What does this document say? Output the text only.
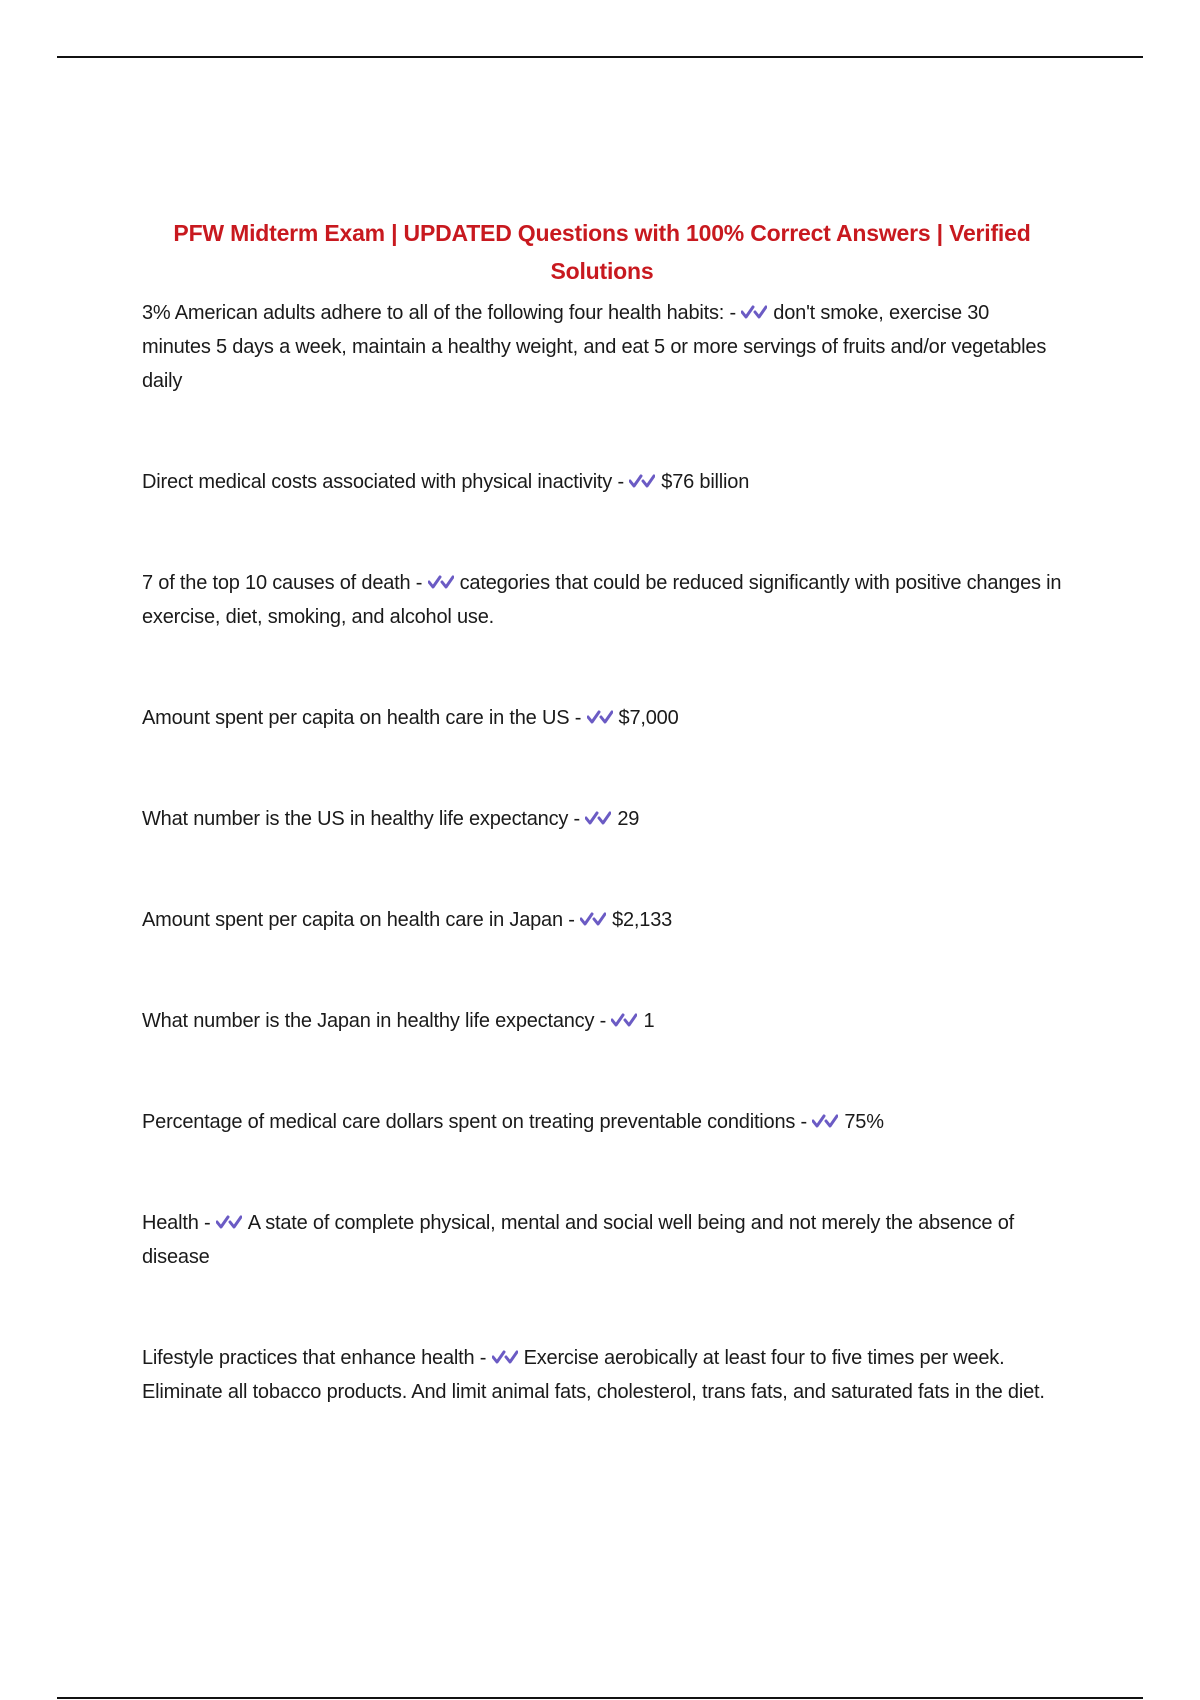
PFW Midterm Exam | UPDATED Questions with 100% Correct Answers | Verified Solutions

3% American adults adhere to all of the following four health habits: - don't smoke, exercise 30 minutes 5 days a week, maintain a healthy weight, and eat 5 or more servings of fruits and/or vegetables daily

Direct medical costs associated with physical inactivity - $76 billion

7 of the top 10 causes of death - categories that could be reduced significantly with positive changes in exercise, diet, smoking, and alcohol use.

Amount spent per capita on health care in the US - $7,000

What number is the US in healthy life expectancy - 29

Amount spent per capita on health care in Japan - $2,133

What number is the Japan in healthy life expectancy - 1

Percentage of medical care dollars spent on treating preventable conditions - 75%

Health - A state of complete physical, mental and social well being and not merely the absence of disease

Lifestyle practices that enhance health - Exercise aerobically at least four to five times per week. Eliminate all tobacco products. And limit animal fats, cholesterol, trans fats, and saturated fats in the diet.
